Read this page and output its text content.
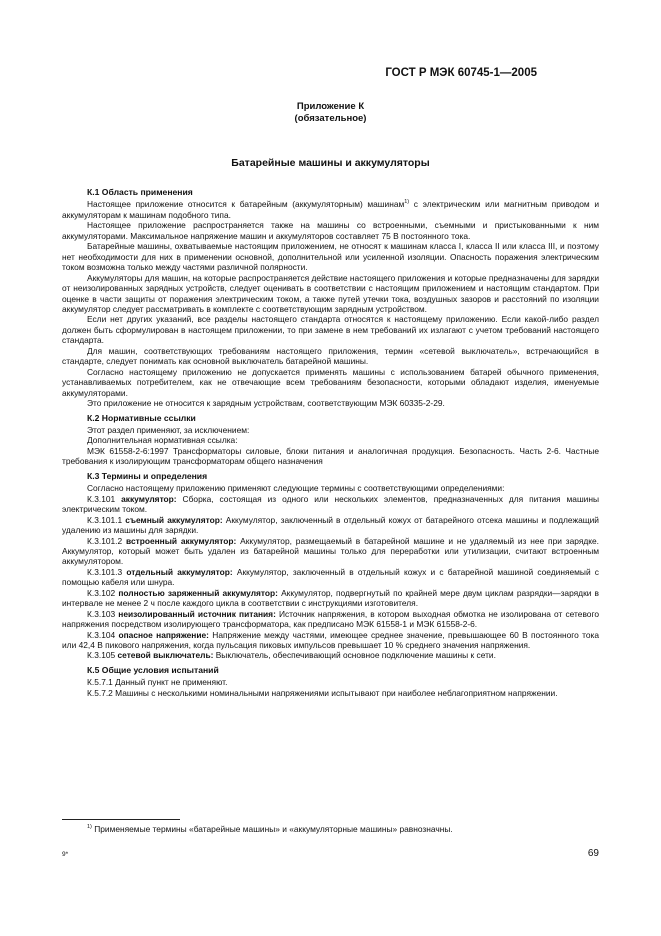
ГОСТ Р МЭК 60745-1—2005
Приложение К
(обязательное)
Батарейные машины и аккумуляторы
К.1 Область применения

Настоящее приложение относится к батарейным (аккумуляторным) машинам$^{1)}$ с электрическим или магнитным приводом и аккумуляторам к машинам подобного типа.

Настоящее приложение распространяется также на машины со встроенными, съемными и пристыкованными к ним аккумуляторами. Максимальное напряжение машин и аккумуляторов составляет 75 В постоянного тока.

Батарейные машины, охватываемые настоящим приложением, не относят к машинам класса I, класса II или класса III, и поэтому нет необходимости для них в применении основной, дополнительной или усиленной изоляции. Опасность поражения электрическим током возможна только между частями различной полярности.

Аккумуляторы для машин, на которые распространяется действие настоящего приложения и которые предназначены для зарядки от неизолированных зарядных устройств, следует оценивать в соответствии с настоящим приложением и настоящим стандартом. При оценке в части защиты от поражения электрическим током, а также путей утечки тока, воздушных зазоров и расстояний по изоляции аккумулятор следует рассматривать в комплекте с соответствующим зарядным устройством.

Если нет других указаний, все разделы настоящего стандарта относятся к настоящему приложению. Если какой-либо раздел должен быть сформулирован в настоящем приложении, то при замене в нем требований их излагают с учетом требований настоящего стандарта.

Для машин, соответствующих требованиям настоящего приложения, термин «сетевой выключатель», встречающийся в стандарте, следует понимать как основной выключатель батарейной машины.

Согласно настоящему приложению не допускается применять машины с использованием батарей обычного применения, устанавливаемых потребителем, как не отвечающие всем требованиям безопасности, которыми обладают изделия, именуемые аккумуляторами.

Это приложение не относится к зарядным устройствам, соответствующим МЭК 60335-2-29.

К.2 Нормативные ссылки

Этот раздел применяют, за исключением:

Дополнительная нормативная ссылка:

МЭК 61558-2-6:1997 Трансформаторы силовые, блоки питания и аналогичная продукция. Безопасность. Часть 2-6. Частные требования к изолирующим трансформаторам общего назначения

К.3 Термины и определения

Согласно настоящему приложению применяют следующие термины с соответствующими определениями:

К.3.101 аккумулятор: Сборка, состоящая из одного или нескольких элементов, предназначенных для питания машины электрическим током.

К.3.101.1 съемный аккумулятор: Аккумулятор, заключенный в отдельный кожух от батарейного отсека машины и подлежащий удалению из машины для зарядки.

К.3.101.2 встроенный аккумулятор: Аккумулятор, размещаемый в батарейной машине и не удаляемый из нее при зарядке. Аккумулятор, который может быть удален из батарейной машины только для переработки или утилизации, считают встроенным аккумулятором.

К.3.101.3 отдельный аккумулятор: Аккумулятор, заключенный в отдельный кожух и с батарейной машиной соединяемый с помощью кабеля или шнура.

К.3.102 полностью заряженный аккумулятор: Аккумулятор, подвергнутый по крайней мере двум циклам разрядки—зарядки в интервале не менее 2 ч после каждого цикла в соответствии с инструкциями изготовителя.

К.3.103 неизолированный источник питания: Источник напряжения, в котором выходная обмотка не изолирована от сетевого напряжения посредством изолирующего трансформатора, как предписано МЭК 61558-1 и МЭК 61558-2-6.

К.3.104 опасное напряжение: Напряжение между частями, имеющее среднее значение, превышающее 60 В постоянного тока или 42,4 В пикового напряжения, когда пульсация пиковых импульсов превышает 10 % среднего значения напряжения.

К.3.105 сетевой выключатель: Выключатель, обеспечивающий основное подключение машины к сети.

К.5 Общие условия испытаний

К.5.7.1 Данный пункт не применяют.

К.5.7.2 Машины с несколькими номинальными напряжениями испытывают при наиболее неблагоприятном напряжении.

$^{1)}$ Применяемые термины «батарейные машины» и «аккумуляторные машины» равнозначны.
9*	69
